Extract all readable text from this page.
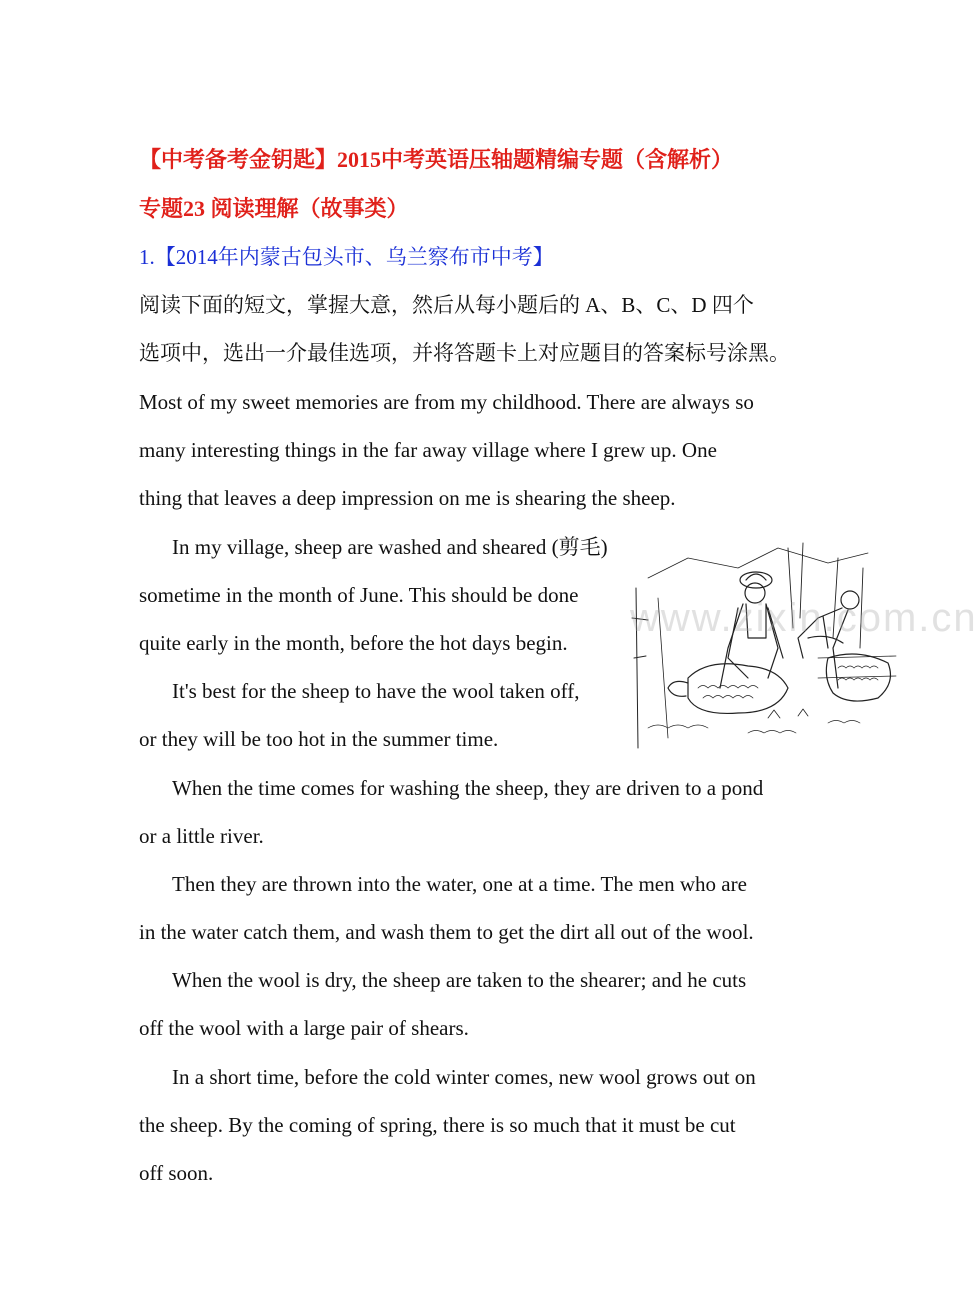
【中考备考金钥匙】2015中考英语压轴题精编专题（含解析）
专题23 阅读理解（故事类）
1.【2014年内蒙古包头市、乌兰察布市中考】
阅读下面的短文，掌握大意，然后从每小题后的 A、B、C、D 四个
选项中，选出一介最佳选项，并将答题卡上对应题目的答案标号涂黑。
Most of my sweet memories are from my childhood. There are always so
many interesting things in the far away village where I grew up. One
thing that leaves a deep impression on me is shearing the sheep.
In my village, sheep are washed and sheared (剪毛)
sometime in the month of June. This should be done
quite early in the month, before the hot days begin.
It's best for the sheep to have the wool taken off,
or they will be too hot in the summer time.
When the time comes for washing the sheep, they are driven to a pond
or a little river.
Then they are thrown into the water, one at a time. The men who are
in the water catch them, and wash them to get the dirt all out of the wool.
When the wool is dry, the sheep are taken to the shearer; and he cuts
off the wool with a large pair of shears.
In a short time, before the cold winter comes, new wool grows out on
the sheep. By the coming of spring, there is so much that it must be cut
off soon.
www.zixin.com.cn
